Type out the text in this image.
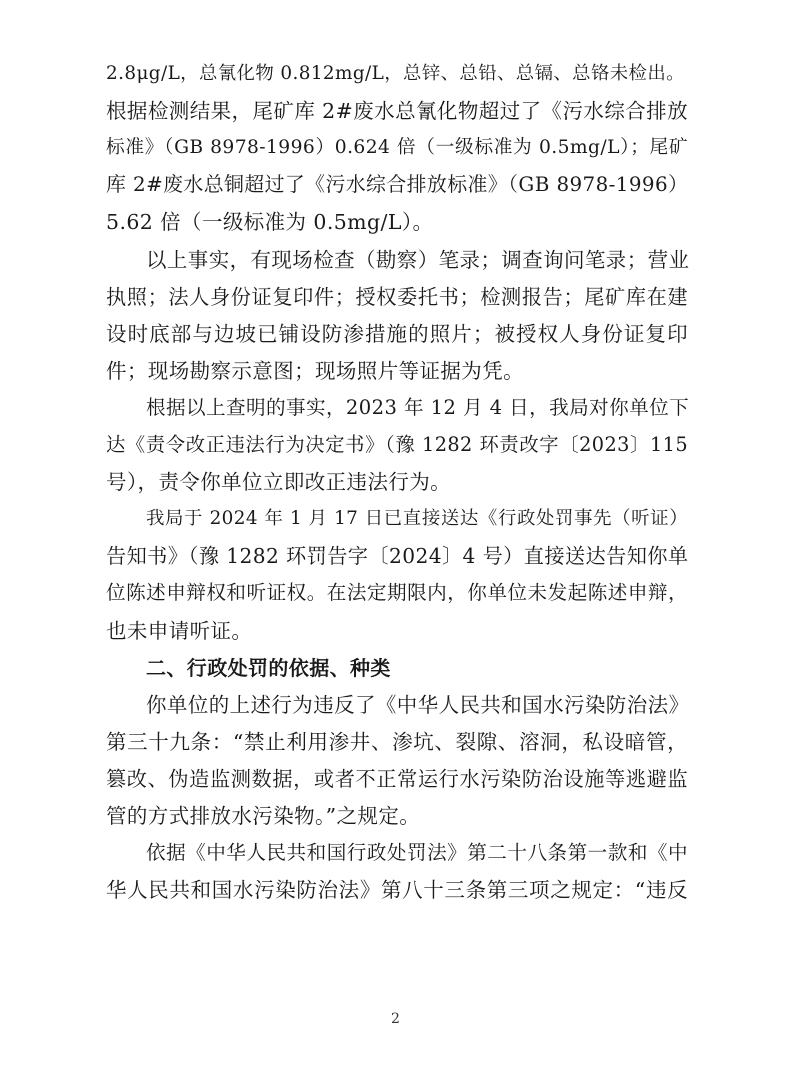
2.8μg/L，总氰化物 0.812mg/L，总锌、总铅、总镉、总铬未检出。
根据检测结果，尾矿库 2#废水总氰化物超过了《污水综合排放
标准》（GB 8978-1996）0.624 倍（一级标准为 0.5mg/L）；尾矿
库 2#废水总铜超过了《污水综合排放标准》（GB 8978-1996）
5.62 倍（一级标准为 0.5mg/L）。
以上事实，有现场检查（勘察）笔录；调查询问笔录；营业
执照；法人身份证复印件；授权委托书；检测报告；尾矿库在建
设时底部与边坡已铺设防渗措施的照片；被授权人身份证复印
件；现场勘察示意图；现场照片等证据为凭。
根据以上查明的事实，2023 年 12 月 4 日，我局对你单位下
达《责令改正违法行为决定书》（豫 1282 环责改字〔2023〕115
号），责令你单位立即改正违法行为。
我局于 2024 年 1 月 17 日已直接送达《行政处罚事先（听证）
告知书》（豫 1282 环罚告字〔2024〕4 号）直接送达告知你单
位陈述申辩权和听证权。在法定期限内，你单位未发起陈述申辩，
也未申请听证。
二、行政处罚的依据、种类
你单位的上述行为违反了《中华人民共和国水污染防治法》
第三十九条：“禁止利用渗井、渗坑、裂隙、溶洞，私设暗管，
篡改、伪造监测数据，或者不正常运行水污染防治设施等逃避监
管的方式排放水污染物。”之规定。
依据《中华人民共和国行政处罚法》第二十八条第一款和《中
华人民共和国水污染防治法》第八十三条第三项之规定：“违反
2
